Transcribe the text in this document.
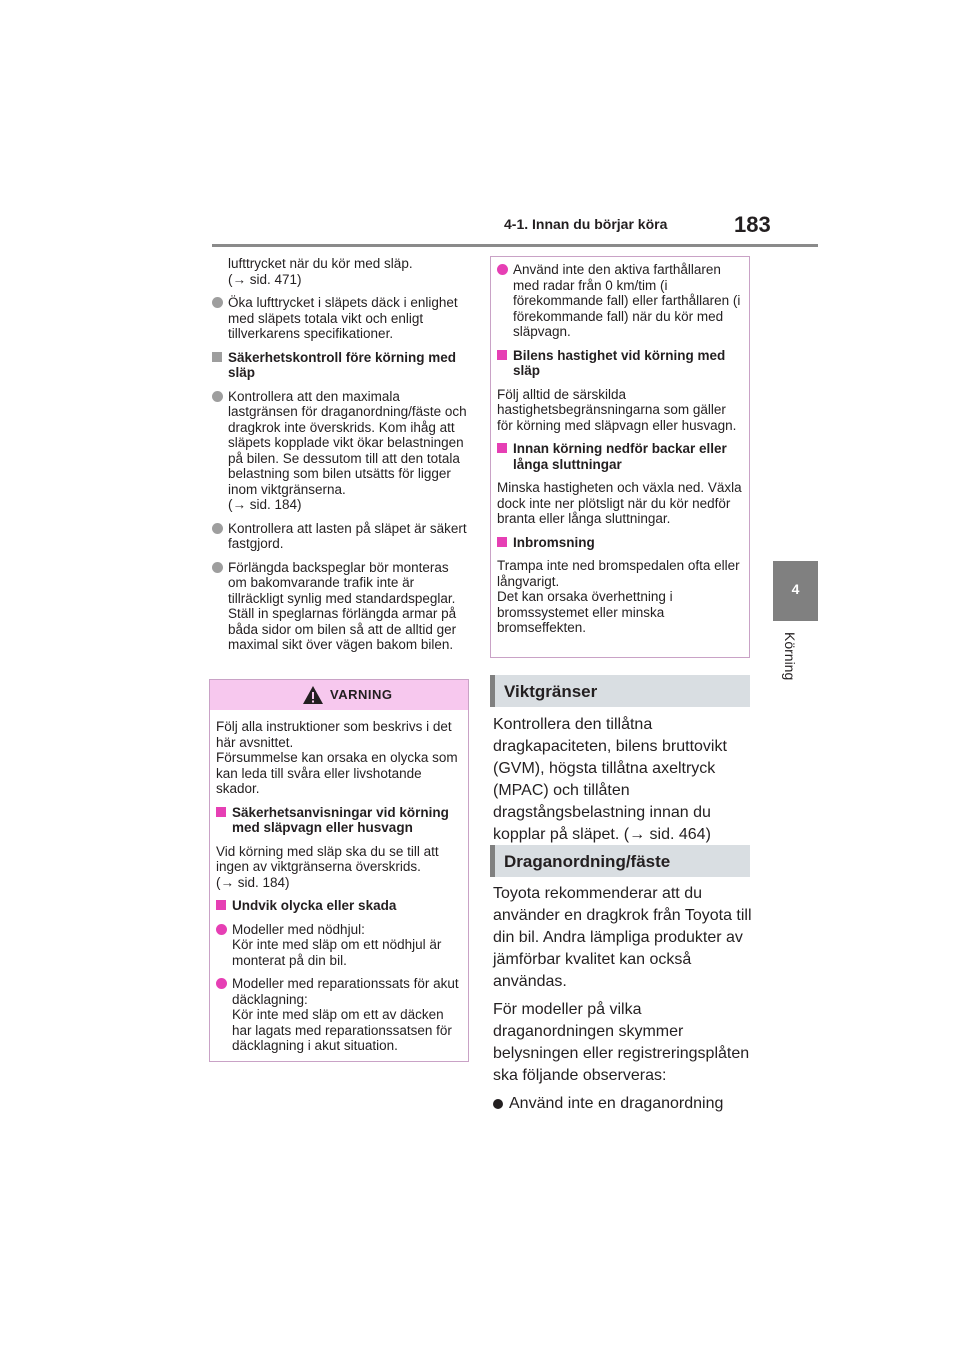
4-1. Innan du börjar köra	183
4
Körning
lufttrycket när du kör med släp.
(→ sid. 471)
Öka lufttrycket i släpets däck i enlighet med släpets totala vikt och enligt tillverkarens specifikationer.
Säkerhetskontroll före körning med släp
Kontrollera att den maximala lastgränsen för draganordning/fäste och dragkrok inte överskrids. Kom ihåg att släpets kopplade vikt ökar belastningen på bilen. Se dessutom till att den totala belastning som bilen utsätts för ligger inom viktgränserna.
(→ sid. 184)
Kontrollera att lasten på släpet är säkert fastgjord.
Förlängda backspeglar bör monteras om bakomvarande trafik inte är tillräckligt synlig med standardspeglar. Ställ in speglarnas förlängda armar på båda sidor om bilen så att de alltid ger maximal sikt över vägen bakom bilen.
VARNING
Följ alla instruktioner som beskrivs i det här avsnittet.
Försummelse kan orsaka en olycka som kan leda till svåra eller livshotande skador.
Säkerhetsanvisningar vid körning med släpvagn eller husvagn
Vid körning med släp ska du se till att ingen av viktgränserna överskrids.
(→ sid. 184)
Undvik olycka eller skada
Modeller med nödhjul:
Kör inte med släp om ett nödhjul är monterat på din bil.
Modeller med reparationssats för akut däcklagning:
Kör inte med släp om ett av däcken har lagats med reparationssatsen för däcklagning i akut situation.
Använd inte den aktiva farthållaren med radar från 0 km/tim (i förekommande fall) eller farthållaren (i förekommande fall) när du kör med släpvagn.
Bilens hastighet vid körning med släp
Följ alltid de särskilda hastighetsbegränsningarna som gäller för körning med släpvagn eller husvagn.
Innan körning nedför backar eller långa sluttningar
Minska hastigheten och växla ned. Växla dock inte ner plötsligt när du kör nedför branta eller långa sluttningar.
Inbromsning
Trampa inte ned bromspedalen ofta eller långvarigt.
Det kan orsaka överhettning i bromssystemet eller minska bromseffekten.
Viktgränser

Kontrollera den tillåtna dragkapaciteten, bilens bruttovikt (GVM), högsta tillåtna axeltryck (MPAC) och tillåten dragstångsbelastning innan du kopplar på släpet. (→ sid. 464)

Draganordning/fäste

Toyota rekommenderar att du använder en dragkrok från Toyota till din bil. Andra lämpliga produkter av jämförbar kvalitet kan också användas.

För modeller på vilka draganordningen skymmer belysningen eller registreringsplåten ska följande observeras:

Använd inte en draganordning
